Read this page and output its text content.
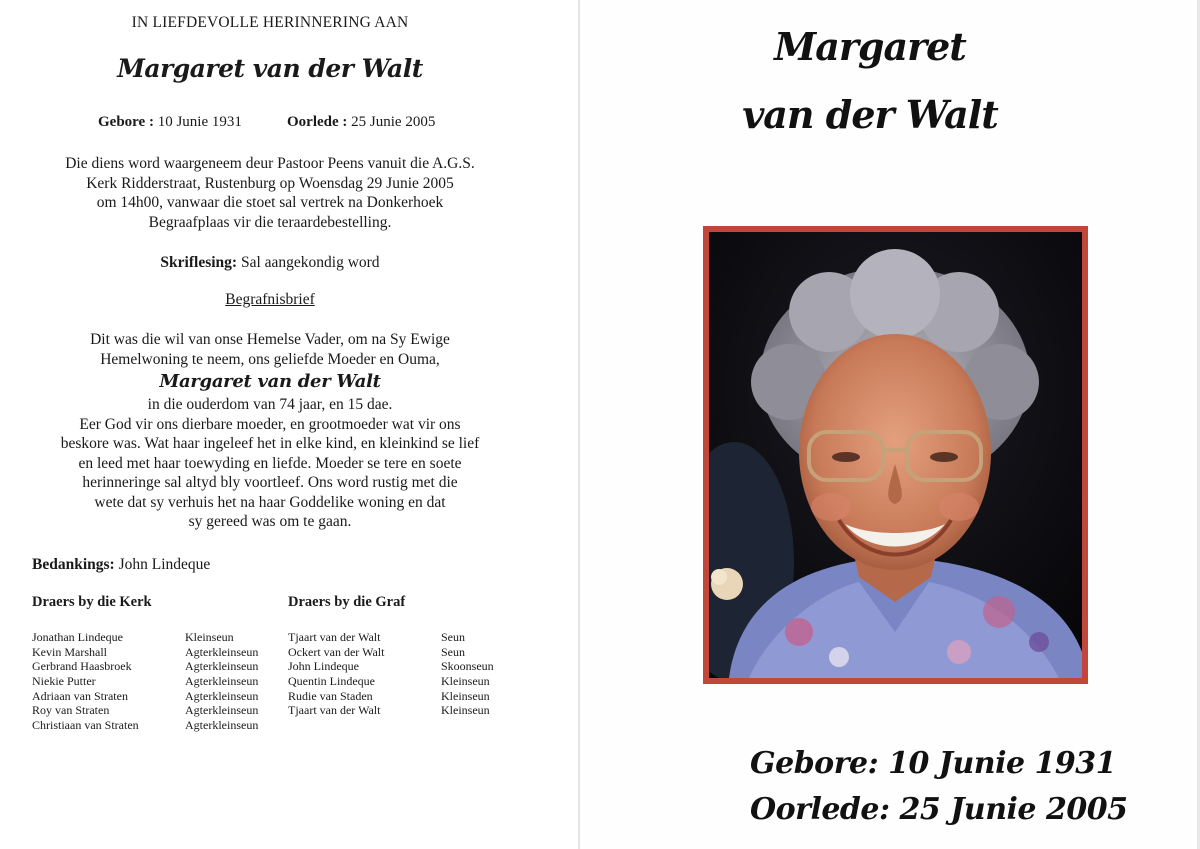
IN LIEFDEVOLLE HERINNERING AAN
Margaret van der Walt
Gebore : 10 Junie 1931	Oorlede : 25 Junie 2005
Die diens word waargeneem deur Pastoor Peens vanuit die A.G.S.
Kerk Ridderstraat, Rustenburg op Woensdag 29 Junie 2005
om 14h00, vanwaar die stoet sal vertrek na Donkerhoek
Begraafplaas vir die teraardebestelling.
Skriflesing: Sal aangekondig word
Begrafnisbrief
Dit was die wil van onse Hemelse Vader, om na Sy Ewige
Hemelwoning te neem, ons geliefde Moeder en Ouma,
Margaret van der Walt
in die ouderdom van 74 jaar, en 15 dae.
Eer God vir ons dierbare moeder, en grootmoeder wat vir ons
beskore was. Wat haar ingeleef het in elke kind, en kleinkind se lief
en leed met haar toewyding en liefde. Moeder se tere en soete
herinneringe sal altyd bly voortleef. Ons word rustig met die
wete dat sy verhuis het na haar Goddelike woning en dat
sy gereed was om te gaan.
Bedankings: John Lindeque
Draers by die Kerk	Draers by die Graf
Jonathan Lindeque	Kleinseun
Kevin Marshall	Agterkleinseun
Gerbrand Haasbroek	Agterkleinseun
Niekie Putter	Agterkleinseun
Adriaan van Straten	Agterkleinseun
Roy van Straten	Agterkleinseun
Christiaan van Straten	Agterkleinseun
Tjaart van der Walt	Seun
Ockert van der Walt	Seun
John Lindeque	Skoonseun
Quentin Lindeque	Kleinseun
Rudie van Staden	Kleinseun
Tjaart van der Walt	Kleinseun
Margaret
van der Walt
Gebore: 10 Junie 1931
Oorlede: 25 Junie 2005
